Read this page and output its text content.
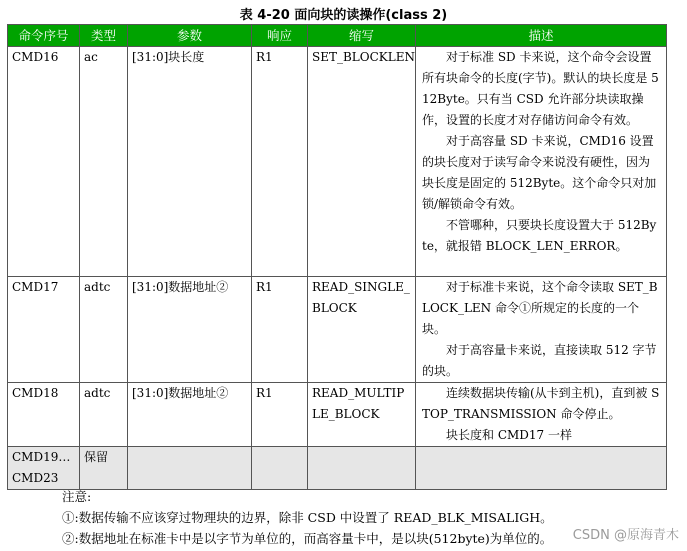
表 4-20 面向块的读操作(class 2)
命令序号	类型	参数	响应	缩写	描述
CMD16	ac	[31:0]块长度	R1	SET_BLOCKLEN	对于标准 SD 卡来说，这个命令会设置所有块命令的长度(字节)。默认的块长度是 512Byte。只有当 CSD 允许部分块读取操作，设置的长度才对存储访问命令有效。

对于高容量 SD 卡来说，CMD16 设置的块长度对于读写命令来说没有硬性，因为块长度是固定的 512Byte。这个命令只对加锁/解锁命令有效。

不管哪种，只要块长度设置大于 512Byte，就报错 BLOCK_LEN_ERROR。

CMD17	adtc	[31:0]数据地址②	R1	READ_SINGLE_BLOCK	对于标准卡来说，这个命令读取 SET_BLOCK_LEN 命令①所规定的长度的一个块。

对于高容量卡来说，直接读取 512 字节的块。

CMD18	adtc	[31:0]数据地址②	R1	READ_MULTIPLE_BLOCK	连续数据块传输(从卡到主机)，直到被 STOP_TRANSMISSION 命令停止。

块长度和 CMD17 一样

CMD19…CMD23	保留				
注意:
①:数据传输不应该穿过物理块的边界，除非 CSD 中设置了 READ_BLK_MISALIGH。
②:数据地址在标准卡中是以字节为单位的，而高容量卡中，是以块(512byte)为单位的。 CSDN @原海青木
